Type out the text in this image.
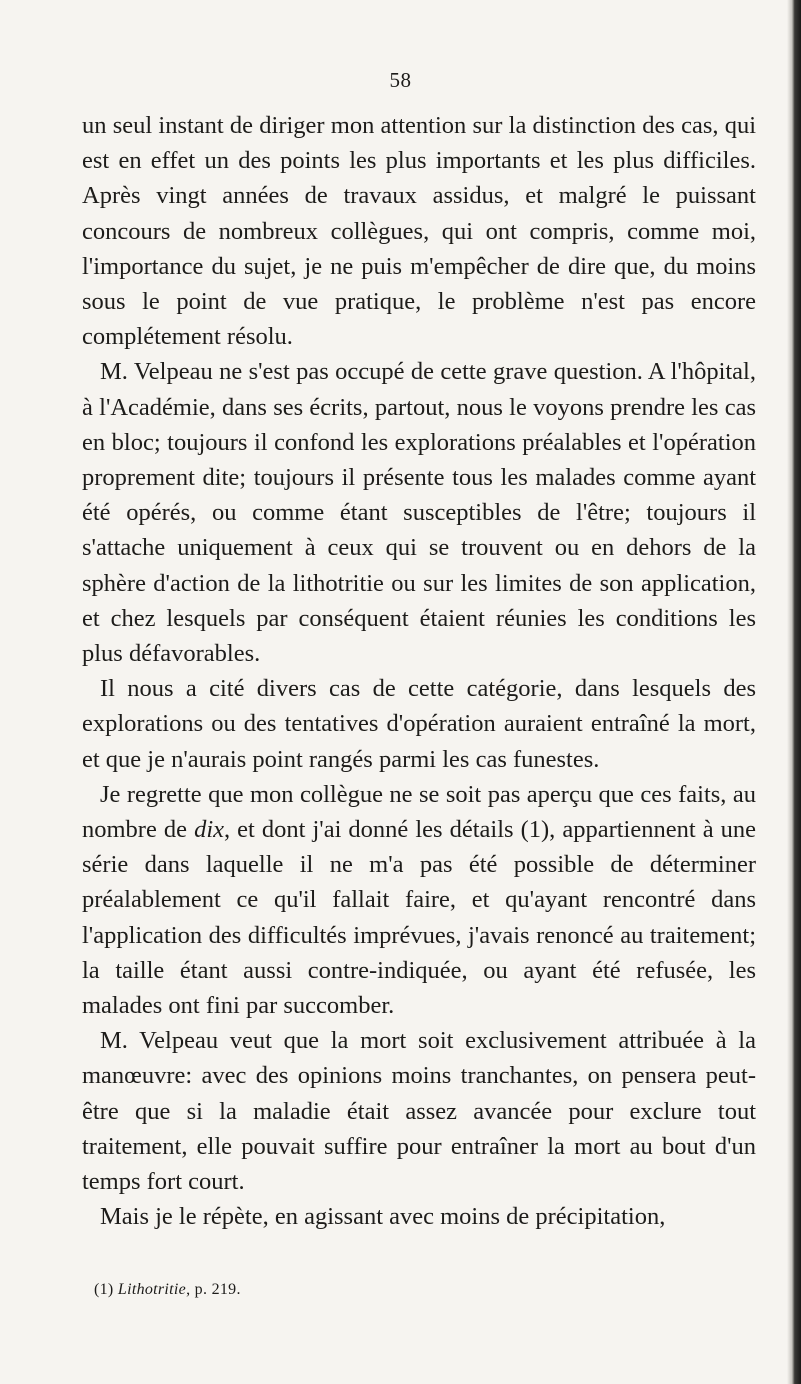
58

un seul instant de diriger mon attention sur la distinction des cas, qui est en effet un des points les plus importants et les plus difficiles. Après vingt années de travaux assidus, et malgré le puissant concours de nombreux collègues, qui ont compris, comme moi, l'importance du sujet, je ne puis m'empêcher de dire que, du moins sous le point de vue pratique, le problème n'est pas encore complétement résolu.

M. Velpeau ne s'est pas occupé de cette grave question. A l'hôpital, à l'Académie, dans ses écrits, partout, nous le voyons prendre les cas en bloc; toujours il confond les explorations préalables et l'opération proprement dite; toujours il présente tous les malades comme ayant été opérés, ou comme étant susceptibles de l'être; toujours il s'attache uniquement à ceux qui se trouvent ou en dehors de la sphère d'action de la lithotritie ou sur les limites de son application, et chez lesquels par conséquent étaient réunies les conditions les plus défavorables.

Il nous a cité divers cas de cette catégorie, dans lesquels des explorations ou des tentatives d'opération auraient entraîné la mort, et que je n'aurais point rangés parmi les cas funestes.

Je regrette que mon collègue ne se soit pas aperçu que ces faits, au nombre de dix, et dont j'ai donné les détails (1), appartiennent à une série dans laquelle il ne m'a pas été possible de déterminer préalablement ce qu'il fallait faire, et qu'ayant rencontré dans l'application des difficultés imprévues, j'avais renoncé au traitement; la taille étant aussi contre-indiquée, ou ayant été refusée, les malades ont fini par succomber.

M. Velpeau veut que la mort soit exclusivement attribuée à la manœuvre: avec des opinions moins tranchantes, on pensera peut-être que si la maladie était assez avancée pour exclure tout traitement, elle pouvait suffire pour entraîner la mort au bout d'un temps fort court.

Mais je le répète, en agissant avec moins de précipitation,

(1) Lithotritie, p. 219.
